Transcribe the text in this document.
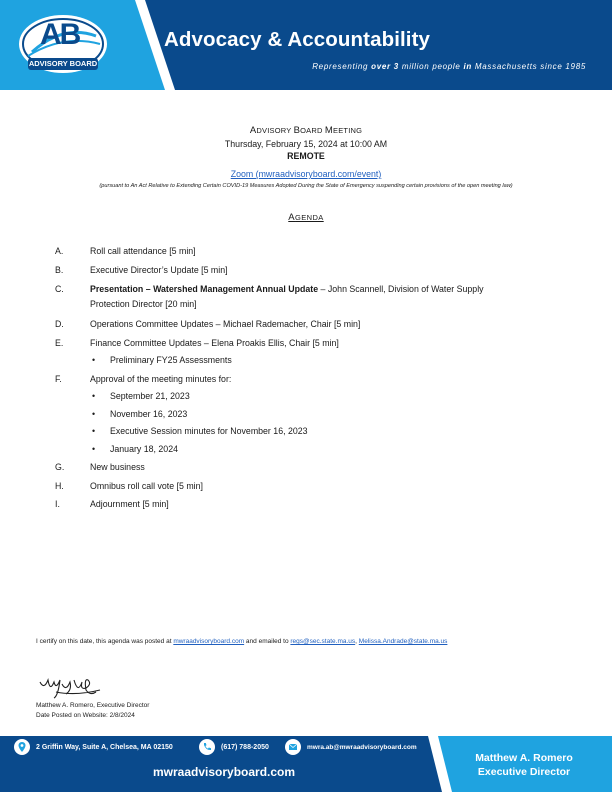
AB
ADVISORY BOARD
Advocacy & Accountability
Representing over 3 million people in Massachusetts since 1985
ADVISORY BOARD MEETING
Thursday, February 15, 2024 at 10:00 AM
REMOTE
Zoom (mwraadvisoryboard.com/event)
(pursuant to An Act Relative to Extending Certain COVID-19 Measures Adopted During the State of Emergency suspending certain provisions of the open meeting law)
AGENDA
A.	Roll call attendance [5 min]
B.	Executive Director’s Update [5 min]
C.	Presentation – Watershed Management Annual Update – John Scannell, Division of Water Supply
Protection Director [20 min]
D.	Operations Committee Updates – Michael Rademacher, Chair [5 min]
E.	Finance Committee Updates – Elena Proakis Ellis, Chair [5 min]
• Preliminary FY25 Assessments
F.	Approval of the meeting minutes for:
• September 21, 2023
• November 16, 2023
• Executive Session minutes for November 16, 2023
• January 18, 2024
G.	New business
H.	Omnibus roll call vote [5 min]
I.	Adjournment [5 min]
I certify on this date, this agenda was posted at mwraadvisoryboard.com and emailed to regs@sec.state.ma.us, Melissa.Andrade@state.ma.us
Matthew A. Romero, Executive Director
Date Posted on Website: 2/8/2024
2 Griffin Way, Suite A, Chelsea, MA 02150	(617) 788-2050	mwra.ab@mwraadvisoryboard.com
mwraadvisoryboard.com
Matthew A. Romero
Executive Director
